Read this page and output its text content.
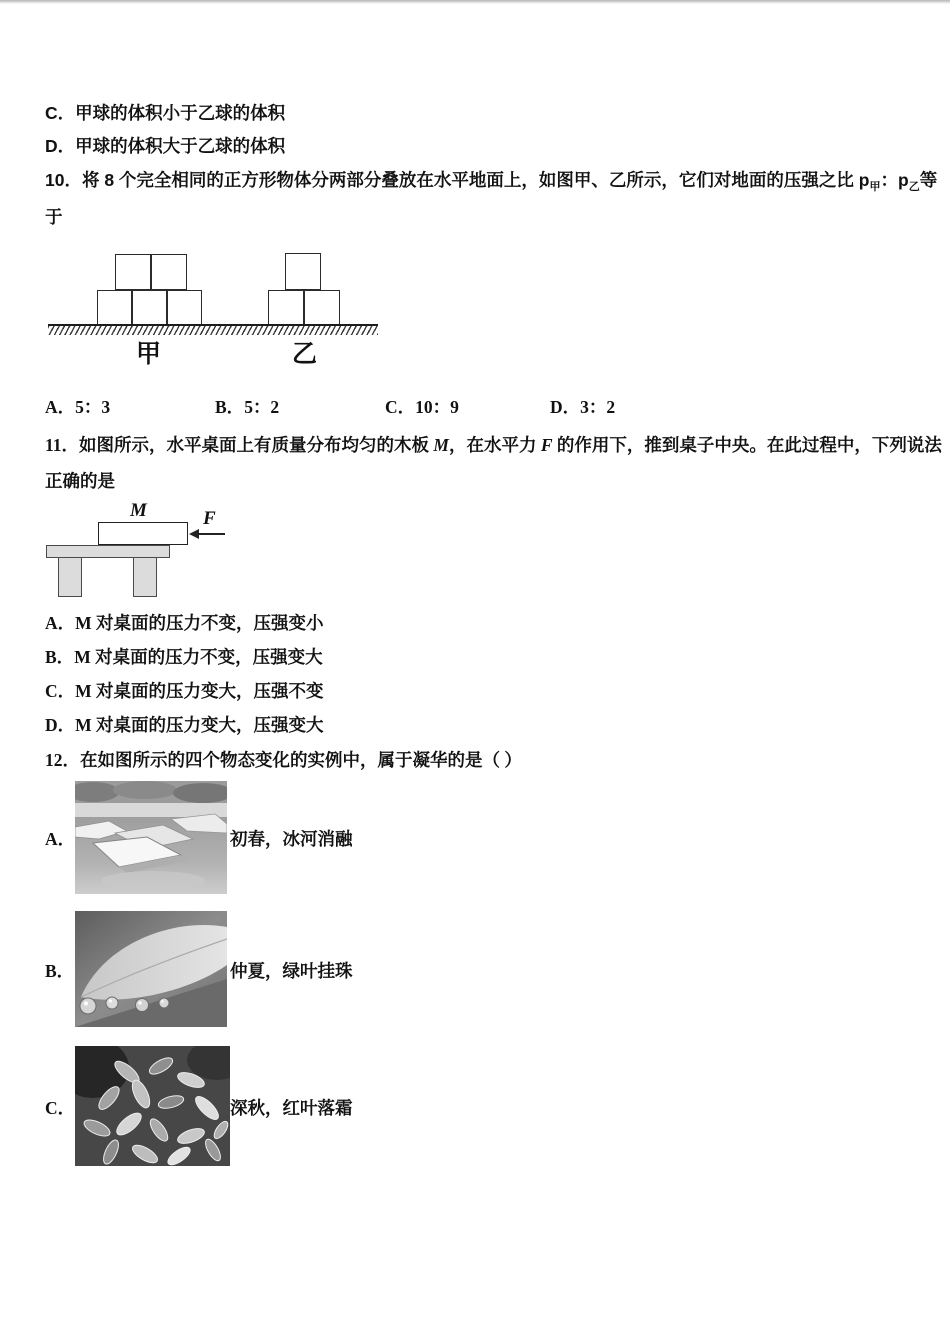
C．甲球的体积小于乙球的体积
D．甲球的体积大于乙球的体积
10．将 8 个完全相同的正方形物体分两部分叠放在水平地面上，如图甲、乙所示，它们对地面的压强之比 $p_甲$：$p_乙$等
于
甲	乙
A．5：3	B．5：2	C．10：9	D．3：2
11．如图所示，水平桌面上有质量分布均匀的木板 M，在水平力 F 的作用下，推到桌子中央。在此过程中，下列说法
正确的是
M	F
A．M 对桌面的压力不变，压强变小
B．M 对桌面的压力不变，压强变大
C．M 对桌面的压力变大，压强不变
D．M 对桌面的压力变大，压强变大
12．在如图所示的四个物态变化的实例中，属于凝华的是（ ）
A．	初春，冰河消融
B．	仲夏，绿叶挂珠
C．	深秋，红叶落霜
